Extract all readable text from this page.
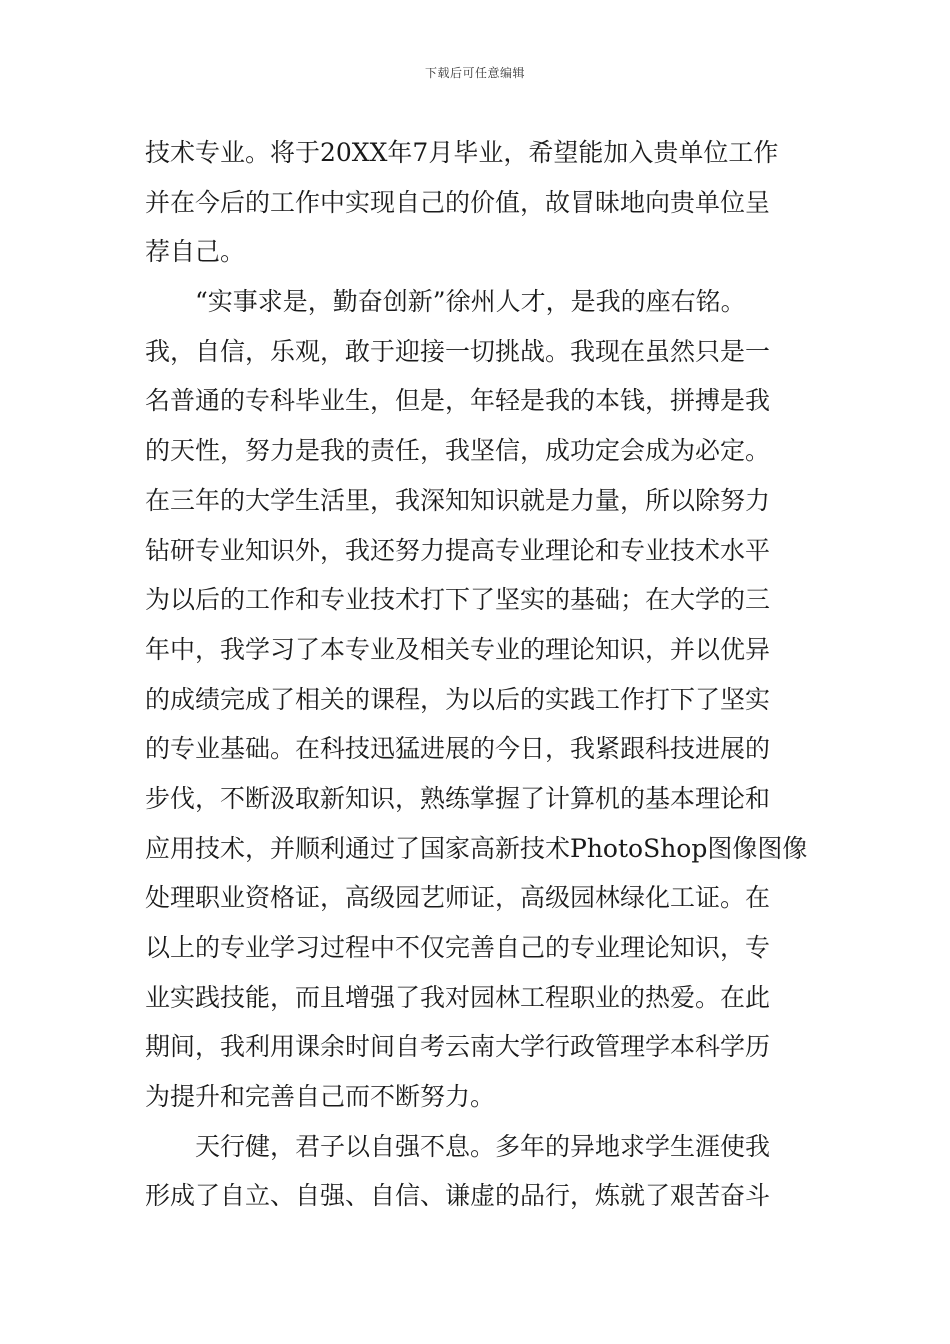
下载后可任意编辑
技术专业。将于20XX年7月毕业，希望能加入贵单位工作
并在今后的工作中实现自己的价值，故冒昧地向贵单位呈
荐自己。
　　“实事求是，勤奋创新”徐州人才，是我的座右铭。
我，自信，乐观，敢于迎接一切挑战。我现在虽然只是一
名普通的专科毕业生，但是，年轻是我的本钱，拼搏是我
的天性，努力是我的责任，我坚信，成功定会成为必定。
在三年的大学生活里，我深知知识就是力量，所以除努力
钻研专业知识外，我还努力提高专业理论和专业技术水平
为以后的工作和专业技术打下了坚实的基础；在大学的三
年中，我学习了本专业及相关专业的理论知识，并以优异
的成绩完成了相关的课程，为以后的实践工作打下了坚实
的专业基础。在科技迅猛进展的今日，我紧跟科技进展的
步伐，不断汲取新知识，熟练掌握了计算机的基本理论和
应用技术，并顺利通过了国家高新技术PhotoShop图像图像
处理职业资格证，高级园艺师证，高级园林绿化工证。在
以上的专业学习过程中不仅完善自己的专业理论知识，专
业实践技能，而且增强了我对园林工程职业的热爱。在此
期间，我利用课余时间自考云南大学行政管理学本科学历
为提升和完善自己而不断努力。
　　天行健，君子以自强不息。多年的异地求学生涯使我
形成了自立、自强、自信、谦虚的品行，炼就了艰苦奋斗
